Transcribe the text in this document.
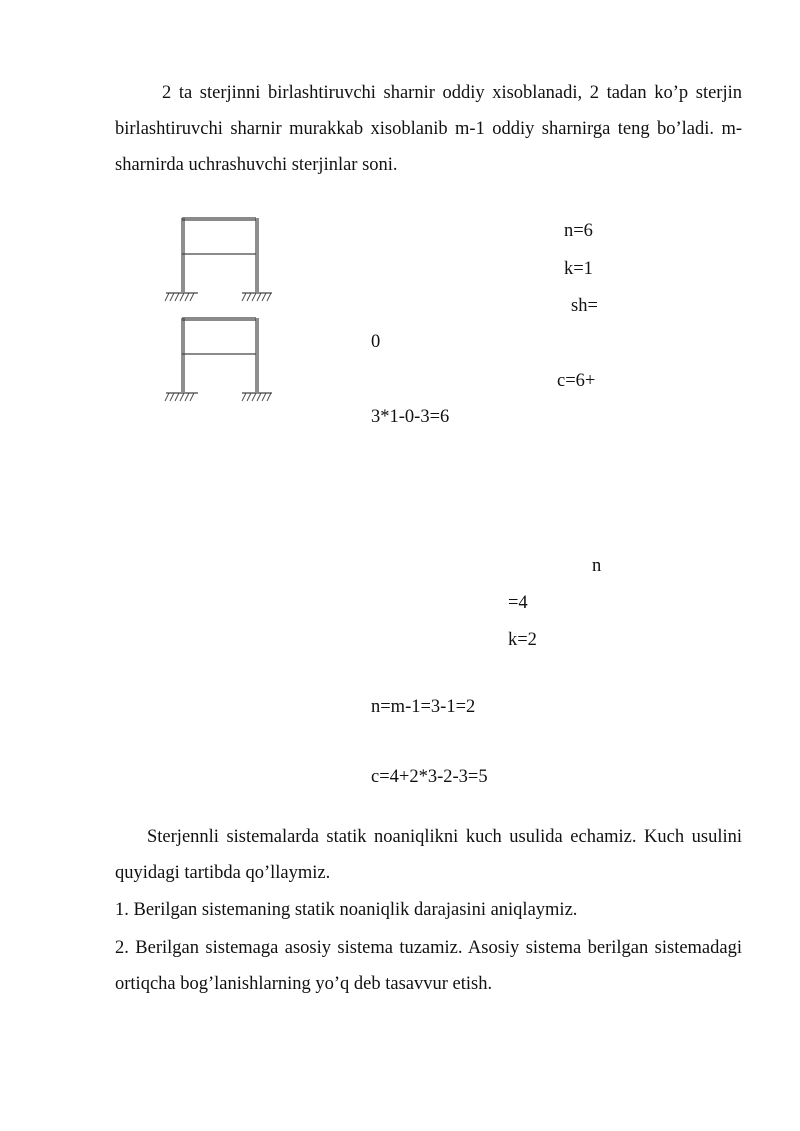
2 ta sterjinni birlashtiruvchi sharnir oddiy xisoblanadi, 2 tadan ko’p sterjin birlashtiruvchi sharnir murakkab xisoblanib m-1 oddiy sharnirga teng bo’ladi. m-sharnirda uchrashuvchi sterjinlar soni.
n=6
k=1
sh=
0
c=6+
3*1-0-3=6
n
=4
k=2
n=m-1=3-1=2
c=4+2*3-2-3=5
Sterjennli sistemalarda statik noaniqlikni kuch usulida echamiz. Kuch usulini quyidagi tartibda qo’llaymiz.
1. Berilgan sistemaning statik noaniqlik darajasini aniqlaymiz.
2. Berilgan sistemaga asosiy sistema tuzamiz. Asosiy sistema berilgan sistemadagi ortiqcha bog’lanishlarning yo’q deb tasavvur etish.
